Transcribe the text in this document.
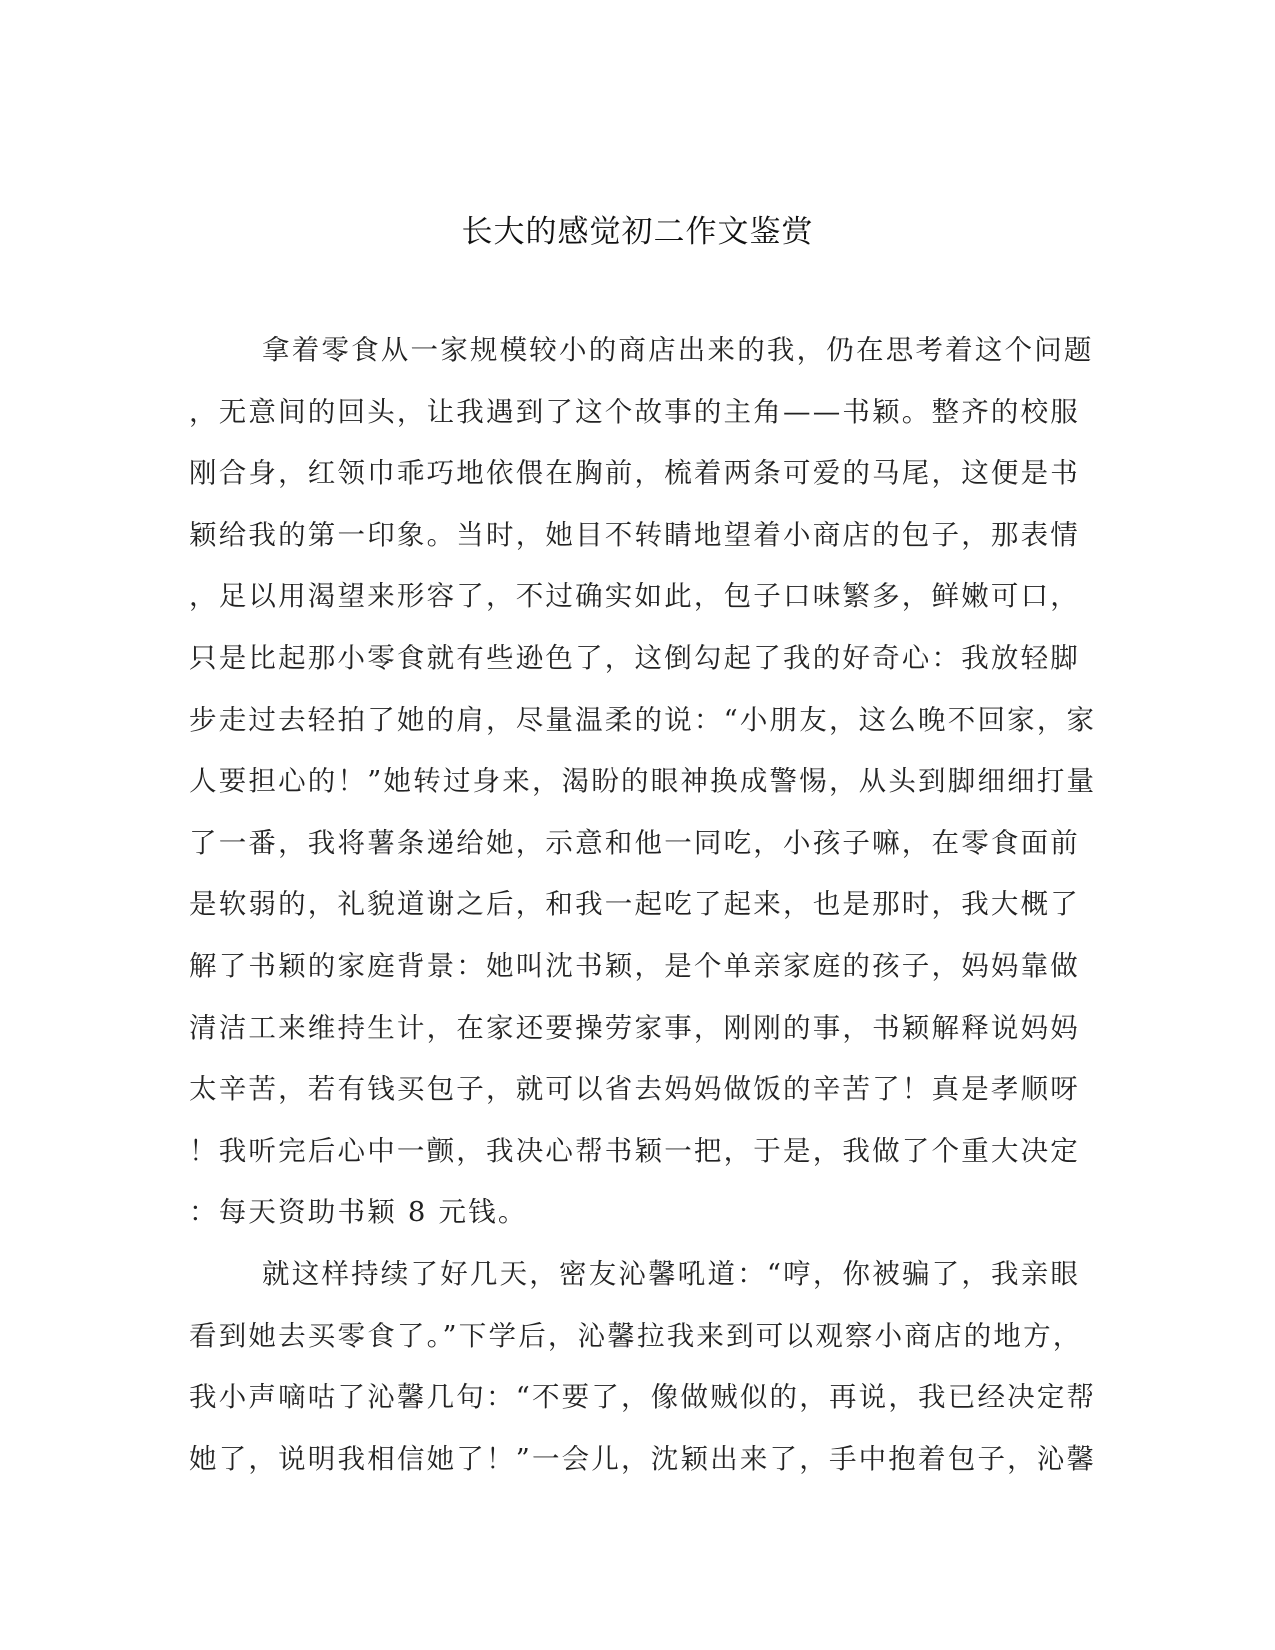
长大的感觉初二作文鉴赏
拿着零食从一家规模较小的商店出来的我，仍在思考着这个问题
，无意间的回头，让我遇到了这个故事的主角——书颖。整齐的校服
刚合身，红领巾乖巧地依偎在胸前，梳着两条可爱的马尾，这便是书
颖给我的第一印象。当时，她目不转睛地望着小商店的包子，那表情
，足以用渴望来形容了，不过确实如此，包子口味繁多，鲜嫩可口，
只是比起那小零食就有些逊色了，这倒勾起了我的好奇心：我放轻脚
步走过去轻拍了她的肩，尽量温柔的说：“小朋友，这么晚不回家，家
人要担心的！”她转过身来，渴盼的眼神换成警惕，从头到脚细细打量
了一番，我将薯条递给她，示意和他一同吃，小孩子嘛，在零食面前
是软弱的，礼貌道谢之后，和我一起吃了起来，也是那时，我大概了
解了书颖的家庭背景：她叫沈书颖，是个单亲家庭的孩子，妈妈靠做
清洁工来维持生计，在家还要操劳家事，刚刚的事，书颖解释说妈妈
太辛苦，若有钱买包子，就可以省去妈妈做饭的辛苦了！真是孝顺呀
！我听完后心中一颤，我决心帮书颖一把，于是，我做了个重大决定
：每天资助书颖 8 元钱。
就这样持续了好几天，密友沁馨吼道：“哼，你被骗了，我亲眼
看到她去买零食了。”下学后，沁馨拉我来到可以观察小商店的地方，
我小声嘀咕了沁馨几句：“不要了，像做贼似的，再说，我已经决定帮
她了，说明我相信她了！”一会儿，沈颖出来了，手中抱着包子，沁馨
